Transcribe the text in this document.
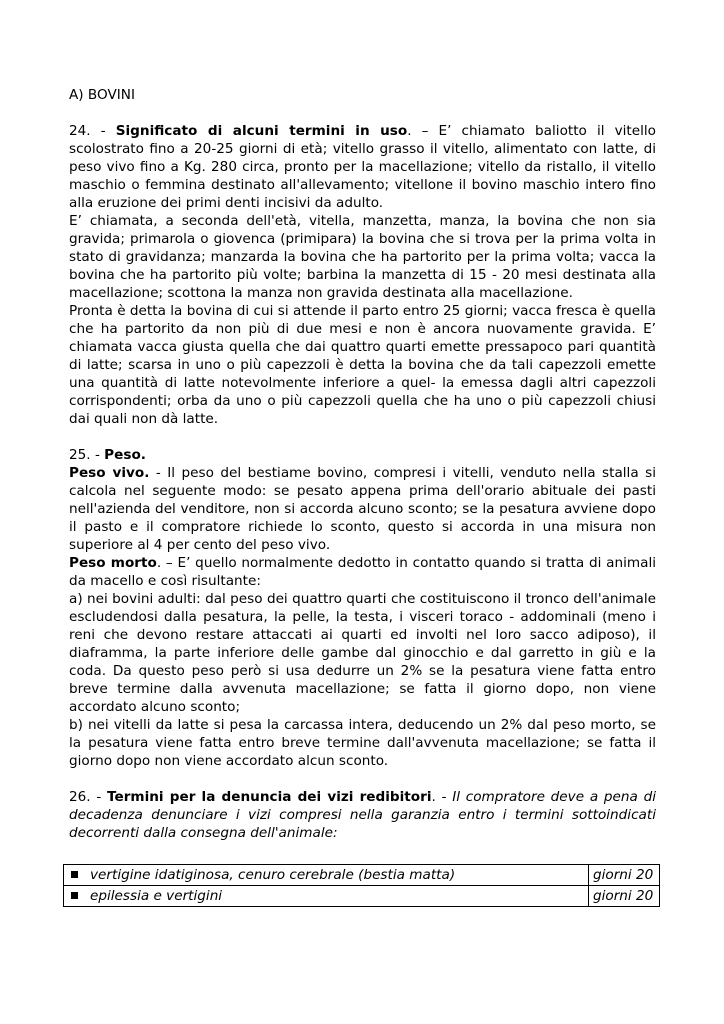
A) BOVINI

24. - Significato di alcuni termini in uso. – E’ chiamato baliotto il vitello scolostrato fino a 20-25 giorni di età; vitello grasso il vitello, alimentato con latte, di peso vivo fino a Kg. 280 circa, pronto per la macellazione; vitello da ristallo, il vitello maschio o femmina destinato all'allevamento; vitellone il bovino maschio intero fino alla eruzione dei primi denti incisivi da adulto.

E’ chiamata, a seconda dell'età, vitella, manzetta, manza, la bovina che non sia gravida; primarola o giovenca (primipara) la bovina che si trova per la prima volta in stato di gravidanza; manzarda la bovina che ha partorito per la prima volta; vacca la bovina che ha partorito più volte; barbina la manzetta di 15 - 20 mesi destinata alla macellazione; scottona la manza non gravida destinata alla macellazione.

Pronta è detta la bovina di cui si attende il parto entro 25 giorni; vacca fresca è quella che ha partorito da non più di due mesi e non è ancora nuovamente gravida. E’ chiamata vacca giusta quella che dai quattro quarti emette pressapoco pari quantità di latte; scarsa in uno o più capezzoli è detta la bovina che da tali capezzoli emette una quantità di latte notevolmente inferiore a quel- la emessa dagli altri capezzoli corrispondenti; orba da uno o più capezzoli quella che ha uno o più capezzoli chiusi dai quali non dà latte.

25. - Peso.

Peso vivo. - Il peso del bestiame bovino, compresi i vitelli, venduto nella stalla si calcola nel seguente modo: se pesato appena prima dell'orario abituale dei pasti nell'azienda del venditore, non si accorda alcuno sconto; se la pesatura avviene dopo il pasto e il compratore richiede lo sconto, questo si accorda in una misura non superiore al 4 per cento del peso vivo.

Peso morto. – E’ quello normalmente dedotto in contatto quando si tratta di animali da macello e così risultante:

a) nei bovini adulti: dal peso dei quattro quarti che costituiscono il tronco dell'animale escludendosi dalla pesatura, la pelle, la testa, i visceri toraco - addominali (meno i reni che devono restare attaccati ai quarti ed involti nel loro sacco adiposo), il diaframma, la parte inferiore delle gambe dal ginocchio e dal garretto in giù e la coda. Da questo peso però si usa dedurre un 2% se la pesatura viene fatta entro breve termine dalla avvenuta macellazione; se fatta il giorno dopo, non viene accordato alcuno sconto;

b) nei vitelli da latte si pesa la carcassa intera, deducendo un 2% dal peso morto, se la pesatura viene fatta entro breve termine dall'avvenuta macellazione; se fatta il giorno dopo non viene accordato alcun sconto.

26. - Termini per la denuncia dei vizi redibitori. - Il compratore deve a pena di decadenza denunciare i vizi compresi nella garanzia entro i termini sottoindicati decorrenti dalla consegna dell'animale:

vertigine idatiginosa, cenuro cerebrale (bestia matta)	giorni 20
epilessia e vertigini	giorni 20
